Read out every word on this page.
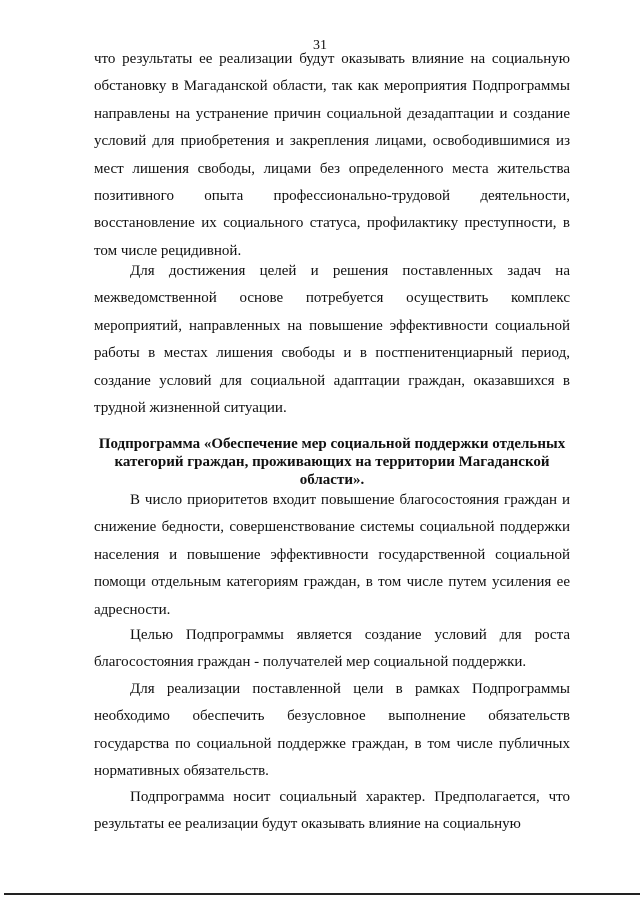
31

что результаты ее реализации будут оказывать влияние на социальную обстановку в Магаданской области, так как мероприятия Подпрограммы направлены на устранение причин социальной дезадаптации и создание условий для приобретения и закрепления лицами, освободившимися из мест лишения свободы, лицами без определенного места жительства позитивного опыта профессионально-трудовой деятельности, восстановление их социального статуса, профилактику преступности, в том числе рецидивной.

Для достижения целей и решения поставленных задач на межведомственной основе потребуется осуществить комплекс мероприятий, направленных на повышение эффективности социальной работы в местах лишения свободы и в постпенитенциарный период, создание условий для социальной адаптации граждан, оказавшихся в трудной жизненной ситуации.

Подпрограмма «Обеспечение мер социальной поддержки отдельных категорий граждан, проживающих на территории Магаданской области».

В число приоритетов входит повышение благосостояния граждан и снижение бедности, совершенствование системы социальной поддержки населения и повышение эффективности государственной социальной помощи отдельным категориям граждан, в том числе путем усиления ее адресности.

Целью Подпрограммы является создание условий для роста благосостояния граждан - получателей мер социальной поддержки.

Для реализации поставленной цели в рамках Подпрограммы необходимо обеспечить безусловное выполнение обязательств государства по социальной поддержке граждан, в том числе публичных нормативных обязательств.

Подпрограмма носит социальный характер. Предполагается, что результаты ее реализации будут оказывать влияние на социальную
